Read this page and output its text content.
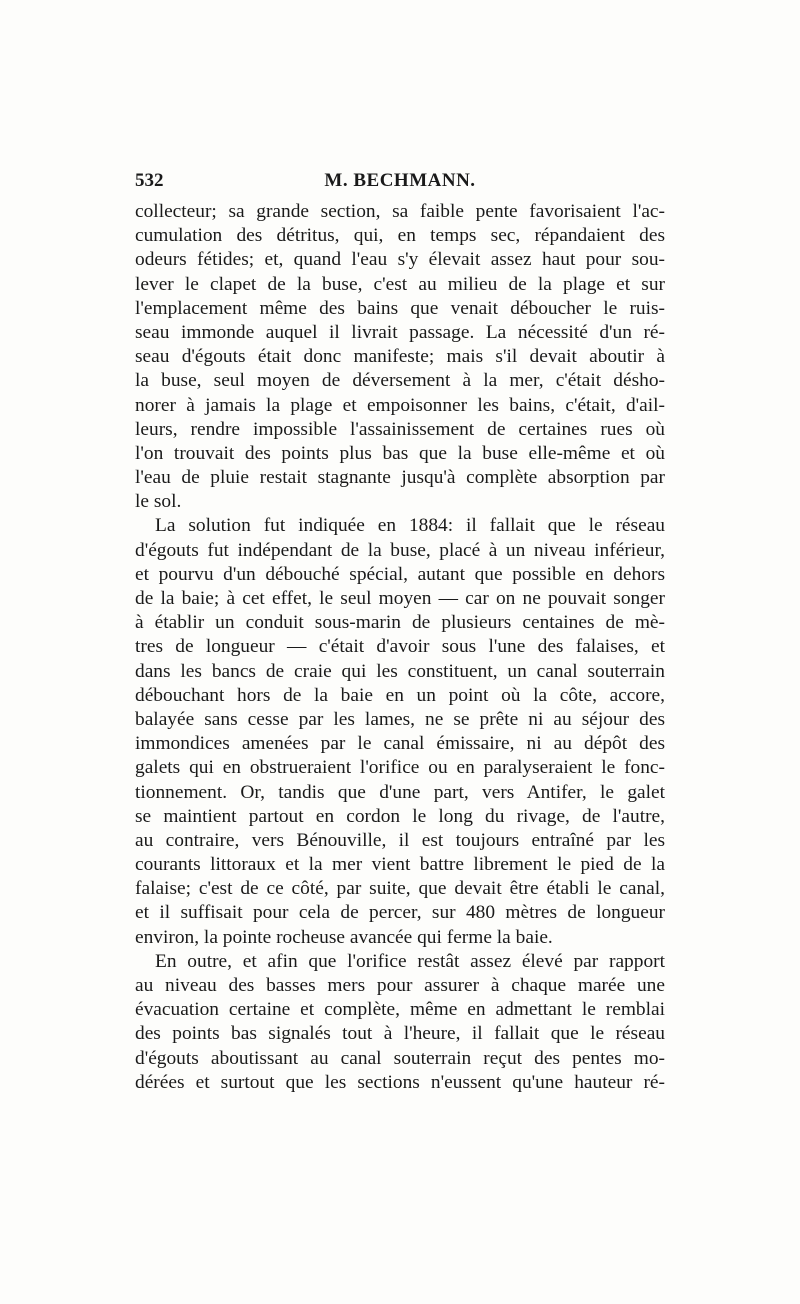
532	M. BECHMANN.
collecteur; sa grande section, sa faible pente favorisaient l'ac-
cumulation des détritus, qui, en temps sec, répandaient des
odeurs fétides; et, quand l'eau s'y élevait assez haut pour sou-
lever le clapet de la buse, c'est au milieu de la plage et sur
l'emplacement même des bains que venait déboucher le ruis-
seau immonde auquel il livrait passage. La nécessité d'un ré-
seau d'égouts était donc manifeste; mais s'il devait aboutir à
la buse, seul moyen de déversement à la mer, c'était désho-
norer à jamais la plage et empoisonner les bains, c'était, d'ail-
leurs, rendre impossible l'assainissement de certaines rues où
l'on trouvait des points plus bas que la buse elle-même et où
l'eau de pluie restait stagnante jusqu'à complète absorption par
le sol.
La solution fut indiquée en 1884: il fallait que le réseau
d'égouts fut indépendant de la buse, placé à un niveau inférieur,
et pourvu d'un débouché spécial, autant que possible en dehors
de la baie; à cet effet, le seul moyen — car on ne pouvait songer
à établir un conduit sous-marin de plusieurs centaines de mè-
tres de longueur — c'était d'avoir sous l'une des falaises, et
dans les bancs de craie qui les constituent, un canal souterrain
débouchant hors de la baie en un point où la côte, accore,
balayée sans cesse par les lames, ne se prête ni au séjour des
immondices amenées par le canal émissaire, ni au dépôt des
galets qui en obstrueraient l'orifice ou en paralyseraient le fonc-
tionnement. Or, tandis que d'une part, vers Antifer, le galet
se maintient partout en cordon le long du rivage, de l'autre,
au contraire, vers Bénouville, il est toujours entraîné par les
courants littoraux et la mer vient battre librement le pied de la
falaise; c'est de ce côté, par suite, que devait être établi le canal,
et il suffisait pour cela de percer, sur 480 mètres de longueur
environ, la pointe rocheuse avancée qui ferme la baie.
En outre, et afin que l'orifice restât assez élevé par rapport
au niveau des basses mers pour assurer à chaque marée une
évacuation certaine et complète, même en admettant le remblai
des points bas signalés tout à l'heure, il fallait que le réseau
d'égouts aboutissant au canal souterrain reçut des pentes mo-
dérées et surtout que les sections n'eussent qu'une hauteur ré-
